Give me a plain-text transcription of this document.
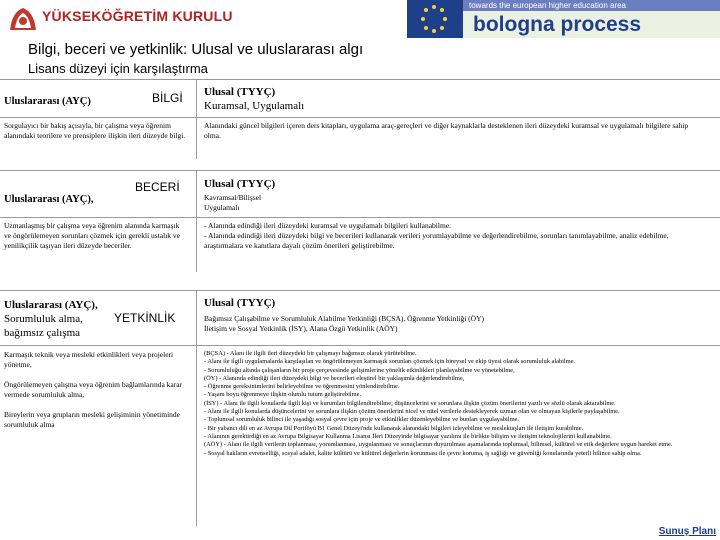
YÜKSEKÖĞRETİM KURULU
towards the european higher education area
bologna process
Bilgi, beceri ve yetkinlik: Ulusal ve uluslararası algı
Lisans düzeyi için karşılaştırma
Uluslararası (AYÇ)	BİLGİ Ulusal (TYYÇ)
Kuramsal, Uygulamalı
Sorgulayıcı bir bakış açısıyla, bir çalışma veya öğrenim alanındaki teorilere ve prensiplere ilişkin ileri düzeyde bilgi.
Alanındaki güncel bilgileri içeren ders kitapları, uygulama araç-gereçleri ve diğer kaynaklarla desteklenen ileri düzeydeki kuramsal ve uygulamalı bilgilere sahip olma.
Uluslararası (AYÇ),
BECERİ Ulusal (TYYÇ)
Kavramsal/Bilişsel
Uygulamalı
Uzmanlaşmış bir çalışma veya öğrenim alanında karmaşık ve öngörülemeyen sorunları çözmek için gerekli ustalık ve yenilikçilik taşıyan ileri düzeyde beceriler.

- Alanında edindiği ileri düzeydeki kuramsal ve uygulamalı bilgileri kullanabilme.

- Alanında edindiği ileri düzeydeki bilgi ve becerileri kullanarak verileri yorumlayabilme ve değerlendirebilme, sorunları tanımlayabilme, analiz edebilme, araştırmalara ve kanıtlara dayalı çözüm önerileri geliştirebilme.

Uluslararası (AYÇ),

Sorumluluk alma,

bağımsız çalışma

YETKİNLİK
Ulusal (TYYÇ)

Bağımsız Çalışabilme ve Sorumluluk Alabilme Yetkinliği (BÇSA), Öğrenme Yetkinliği (ÖY)

İletişim ve Sosyal Yetkinlik (İSY), Alana Özgü Yetkinlik (AÖY)

Karmaşık teknik veya mesleki etkinlikleri veya projeleri yönetme,

Öngörülemeyen çalışma veya öğrenim bağlamlarında karar vermede sorumluluk alma,

Bireylerin veya grupların mesleki gelişiminin yönetiminde sorumluluk alma

(BÇSA) - Alanı ile ilgili ileri düzeydeki bir çalışmayı bağımsız olarak yürütebilme.

- Alanı ile ilgili uygulamalarda karşılaşılan ve öngörülemeyen karmaşık sorunları çözmek için bireysel ve ekip üyesi olarak sorumluluk alabilme.

- Sorumluluğu altında çalışanların bir proje çerçevesinde gelişimlerine yönelik etkinlikleri planlayabilme ve yönetebilme,

(ÖY) - Alanında edindiği ileri düzeydeki bilgi ve becerileri eleştirel bir yaklaşımla değerlendirebilme,

- Öğrenme gereksinimlerini belirleyebilme ve öğrenmesini yönlendirebilme.

- Yaşam boyu öğrenmeye ilişkin olumlu tutum geliştirebilme.

(İSY) - Alanı ile ilgili konularda ilgili kişi ve kurumları bilgilendirebilme; düşüncelerini ve sorunlara ilişkin çözüm önerilerini yazılı ve sözlü olarak aktarabilme.

- Alanı ile ilgili konularda düşüncelerini ve sorunlara ilişkin çözüm önerilerini nicel ve nitel verilerle destekleyerek uzman olan ve olmayan kişilerle paylaşabilme.

- Toplumsal sorumluluk bilinci ile yaşadığı sosyal çevre için proje ve etkinlikler düzenleyebilme ve bunları uygulayabilme.

- Bir yabancı dili en az Avrupa Dil Portföyü B1 Genel Düzeyi'nde kullanarak alanındaki bilgileri izleyebilme ve meslektaşları ile iletişim kurabilme.

- Alanının gerektirdiği en az Avrupa Bilgisayar Kullanma Lisansı İleri Düzeyinde bilgisayar yazılımı ile birlikte bilişim ve iletişim teknolojilerini kullanabilme.

(AÖY) - Alanı ile ilgili verilerin toplanması, yorumlanması, uygulanması ve sonuçlarının duyurulması aşamalarında toplumsal, bilimsel, kültürel ve etik değerlere uygun hareket etme.

- Sosyal hakların evrenselliği, sosyal adalet, kalite kültürü ve kültürel değerlerin korunması ile çevre koruma, iş sağlığı ve güvenliği konularında yeterli bilince sahip olma.

Sunuş Planı
